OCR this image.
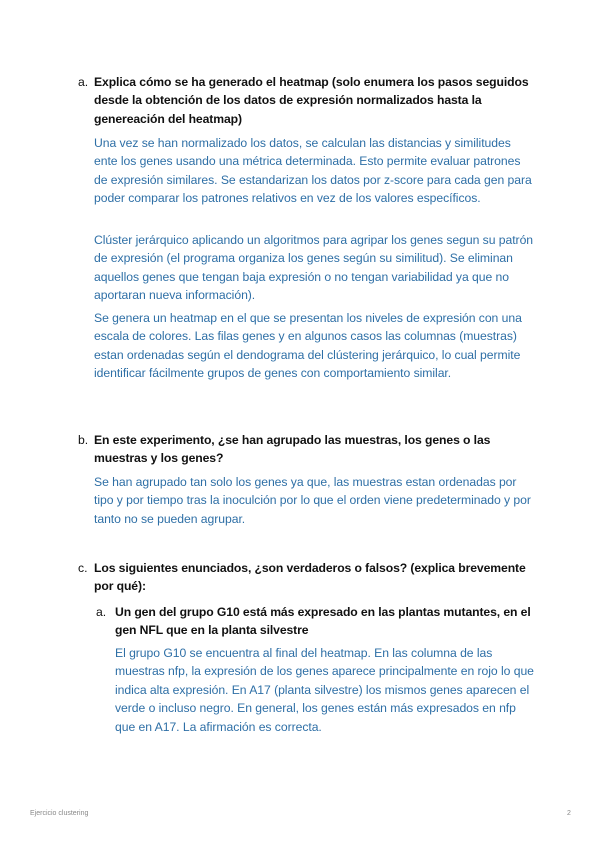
a. Explica cómo se ha generado el heatmap (solo enumera los pasos seguidos desde la obtención de los datos de expresión normalizados hasta la genereación del heatmap)
Una vez se han normalizado los datos, se calculan las distancias y similitudes ente los genes usando una métrica determinada. Esto permite evaluar patrones de expresión similares. Se estandarizan los datos por z-score para cada gen para poder comparar los patrones relativos en vez de los valores específicos.
Clúster jerárquico aplicando un algoritmos para agripar los genes segun su patrón de expresión (el programa organiza los genes según su similitud). Se eliminan aquellos genes que tengan baja expresión o no tengan variabilidad ya que no aportaran nueva información).
Se genera un heatmap en el que se presentan los niveles de expresión con una escala de colores. Las filas genes y en algunos casos las columnas (muestras) estan ordenadas según el dendograma del clústering jerárquico, lo cual permite identificar fácilmente grupos de genes con comportamiento similar.
b. En este experimento, ¿se han agrupado las muestras, los genes o las muestras y los genes?
Se han agrupado tan solo los genes ya que, las muestras estan ordenadas por tipo y por tiempo tras la inoculción por lo que el orden viene predeterminado y por tanto no se pueden agrupar.
c. Los siguientes enunciados, ¿son verdaderos o falsos? (explica brevemente por qué):
a. Un gen del grupo G10 está más expresado en las plantas mutantes, en el gen NFL que en la planta silvestre
El grupo G10 se encuentra al final del heatmap. En las columna de las muestras nfp, la expresión de los genes aparece principalmente en rojo lo que indica alta expresión. En A17 (planta silvestre) los mismos genes aparecen el verde o incluso negro. En general, los genes están más expresados en nfp que en A17. La afirmación es correcta.
Ejercicio clustering	2
